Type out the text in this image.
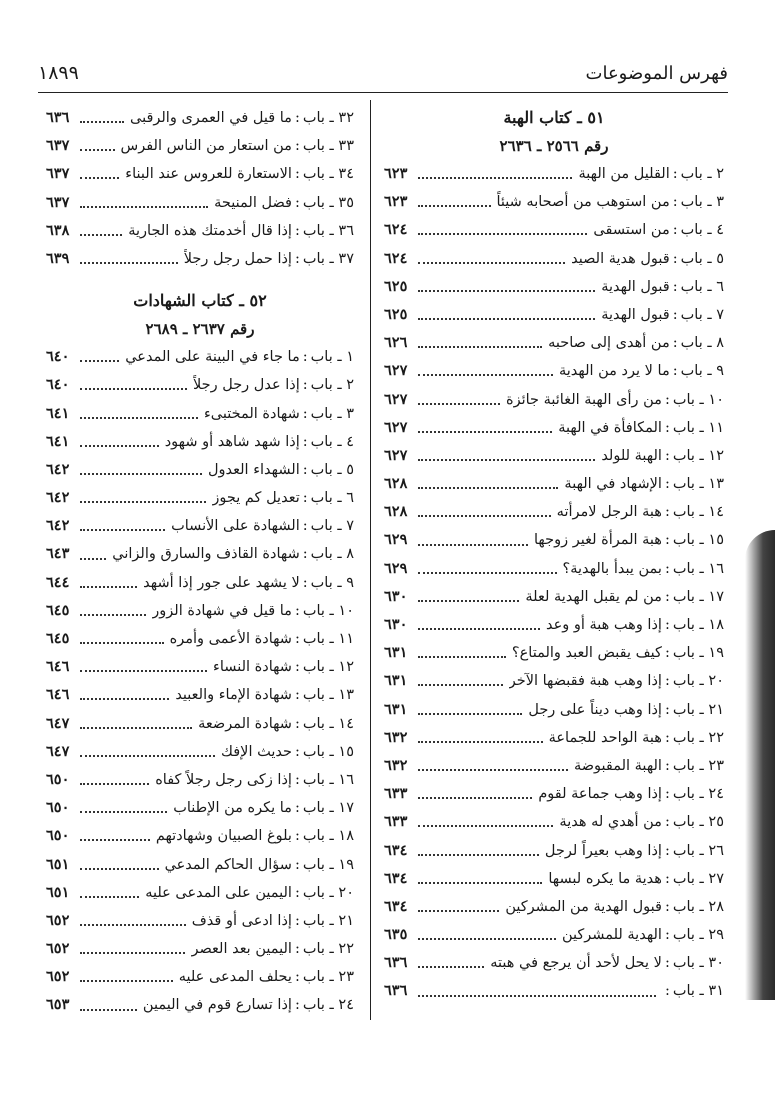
١٨٩٩	فهرس الموضوعات
٥١ ـ كتاب الهبة
رقم ٢٥٦٦ ـ ٢٦٣٦
٢ ـ باب
:
القليل من الهبة
٦٢٣
٣ ـ باب
:
من استوهب من أصحابه شيئاً
٦٢٣
٤ ـ باب
:
من استسقى
٦٢٤
٥ ـ باب
:
قبول هدية الصيد
٦٢٤
٦ ـ باب
:
قبول الهدية
٦٢٥
٧ ـ باب
:
قبول الهدية
٦٢٥
٨ ـ باب
:
من أهدى إلى صاحبه
٦٢٦
٩ ـ باب
:
ما لا يرد من الهدية
٦٢٧
١٠ ـ باب
:
من رأى الهبة الغائبة جائزة
٦٢٧
١١ ـ باب
:
المكافأة في الهبة
٦٢٧
١٢ ـ باب
:
الهبة للولد
٦٢٧
١٣ ـ باب
:
الإشهاد في الهبة
٦٢٨
١٤ ـ باب
:
هبة الرجل لامرأته
٦٢٨
١٥ ـ باب
:
هبة المرأة لغير زوجها
٦٢٩
١٦ ـ باب
:
بمن يبدأ بالهدية؟
٦٢٩
١٧ ـ باب
:
من لم يقبل الهدية لعلة
٦٣٠
١٨ ـ باب
:
إذا وهب هبة أو وعد
٦٣٠
١٩ ـ باب
:
كيف يقبض العبد والمتاع؟
٦٣١
٢٠ ـ باب
:
إذا وهب هبة فقبضها الآخر
٦٣١
٢١ ـ باب
:
إذا وهب ديناً على رجل
٦٣١
٢٢ ـ باب
:
هبة الواحد للجماعة
٦٣٢
٢٣ ـ باب
:
الهبة المقبوضة
٦٣٢
٢٤ ـ باب
:
إذا وهب جماعة لقوم
٦٣٣
٢٥ ـ باب
:
من أهدي له هدية
٦٣٣
٢٦ ـ باب
:
إذا وهب بعيراً لرجل
٦٣٤
٢٧ ـ باب
:
هدية ما يكره لبسها
٦٣٤
٢٨ ـ باب
:
قبول الهدية من المشركين
٦٣٤
٢٩ ـ باب
:
الهدية للمشركين
٦٣٥
٣٠ ـ باب
:
لا يحل لأحد أن يرجع في هبته
٦٣٦
٣١ ـ باب
:
٦٣٦
٣٢ ـ باب
:
ما قيل في العمرى والرقبى
٦٣٦
٣٣ ـ باب
:
من استعار من الناس الفرس
٦٣٧
٣٤ ـ باب
:
الاستعارة للعروس عند البناء
٦٣٧
٣٥ ـ باب
:
فضل المنيحة
٦٣٧
٣٦ ـ باب
:
إذا قال أخدمتك هذه الجارية
٦٣٨
٣٧ ـ باب
:
إذا حمل رجل رجلاً
٦٣٩
٥٢ ـ كتاب الشهادات
رقم ٢٦٣٧ ـ ٢٦٨٩
١ ـ باب
:
ما جاء في البينة على المدعي
٦٤٠
٢ ـ باب
:
إذا عدل رجل رجلاً
٦٤٠
٣ ـ باب
:
شهادة المختبىء
٦٤١
٤ ـ باب
:
إذا شهد شاهد أو شهود
٦٤١
٥ ـ باب
:
الشهداء العدول
٦٤٢
٦ ـ باب
:
تعديل كم يجوز
٦٤٢
٧ ـ باب
:
الشهادة على الأنساب
٦٤٢
٨ ـ باب
:
شهادة القاذف والسارق والزاني
٦٤٣
٩ ـ باب
:
لا يشهد على جور إذا أشهد
٦٤٤
١٠ ـ باب
:
ما قيل في شهادة الزور
٦٤٥
١١ ـ باب
:
شهادة الأعمى وأمره
٦٤٥
١٢ ـ باب
:
شهادة النساء
٦٤٦
١٣ ـ باب
:
شهادة الإماء والعبيد
٦٤٦
١٤ ـ باب
:
شهادة المرضعة
٦٤٧
١٥ ـ باب
:
حديث الإفك
٦٤٧
١٦ ـ باب
:
إذا زكى رجل رجلاً كفاه
٦٥٠
١٧ ـ باب
:
ما يكره من الإطناب
٦٥٠
١٨ ـ باب
:
بلوغ الصبيان وشهادتهم
٦٥٠
١٩ ـ باب
:
سؤال الحاكم المدعي
٦٥١
٢٠ ـ باب
:
اليمين على المدعى عليه
٦٥١
٢١ ـ باب
:
إذا ادعى أو قذف
٦٥٢
٢٢ ـ باب
:
اليمين بعد العصر
٦٥٢
٢٣ ـ باب
:
يحلف المدعى عليه
٦٥٢
٢٤ ـ باب
:
إذا تسارع قوم في اليمين
٦٥٣
